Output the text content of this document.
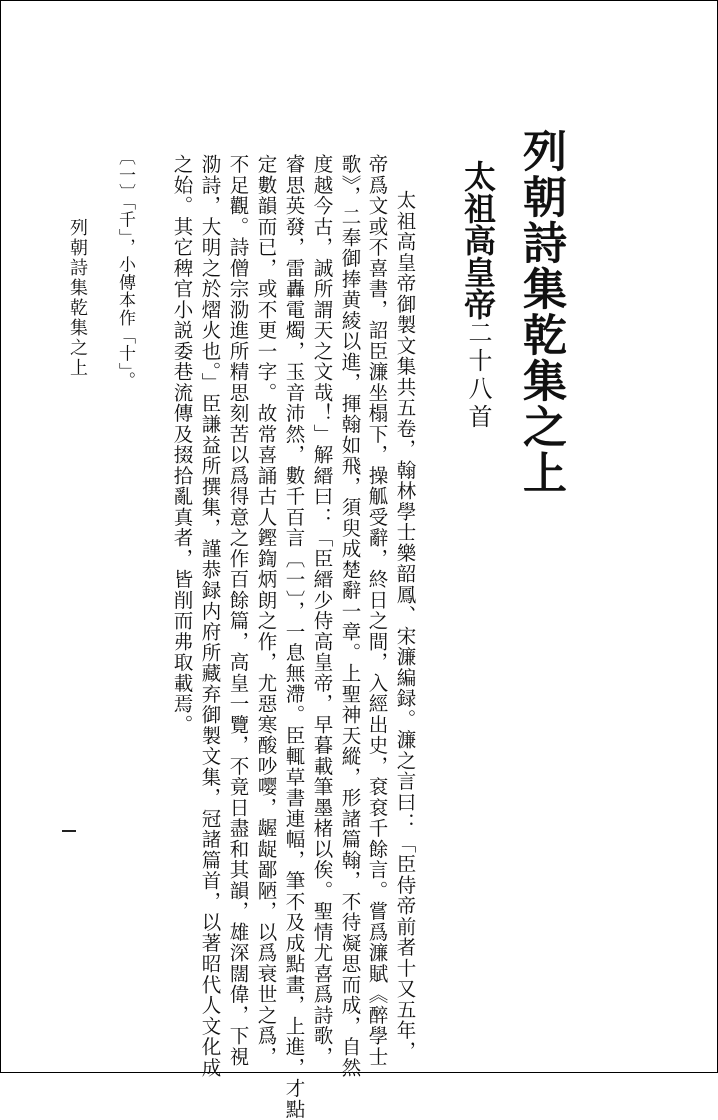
列朝詩集乾集之上
太祖高皇帝二十八首
太祖高皇帝御製文集共五卷，翰林學士樂韶鳳、宋濂編録。濂之言曰：「臣侍帝前者十又五年，
帝爲文或不喜書，詔臣濂坐榻下，操觚受辭，終日之間，入經出史，袞袞千餘言。嘗爲濂賦《醉學士
歌》，二奉御捧黄綾以進，揮翰如飛，須臾成楚辭一章。上聖神天縱，形諸篇翰，不待凝思而成，自然
度越今古，誠所謂天之文哉！」解縉曰：「臣縉少侍高皇帝，早暮載筆墨楮以俟。聖情尤喜爲詩歌，
睿思英發，雷轟電燭，玉音沛然，數千百言〔一〕，一息無滯。臣輒草書連幅，筆不及成點畫，上進，才點
定數韻而已，或不更一字。故常喜誦古人鏗鍧炳朗之作，尤惡寒酸吵嘤，龌龊鄙陋，以爲衰世之爲，
不足觀。詩僧宗泐進所精思刻苦以爲得意之作百餘篇，高皇一覽，不竟日盡和其韻，雄深闊偉，下視
泐詩，大明之於熠火也。」臣謙益所撰集，謹恭録内府所藏弃御製文集，冠諸篇首，以著昭代人文化成
之始。其它稗官小説委巷流傳及掇拾亂真者，皆削而弗取載焉。
〔一〕「千」，小傳本作「十」。
列朝詩集乾集之上
